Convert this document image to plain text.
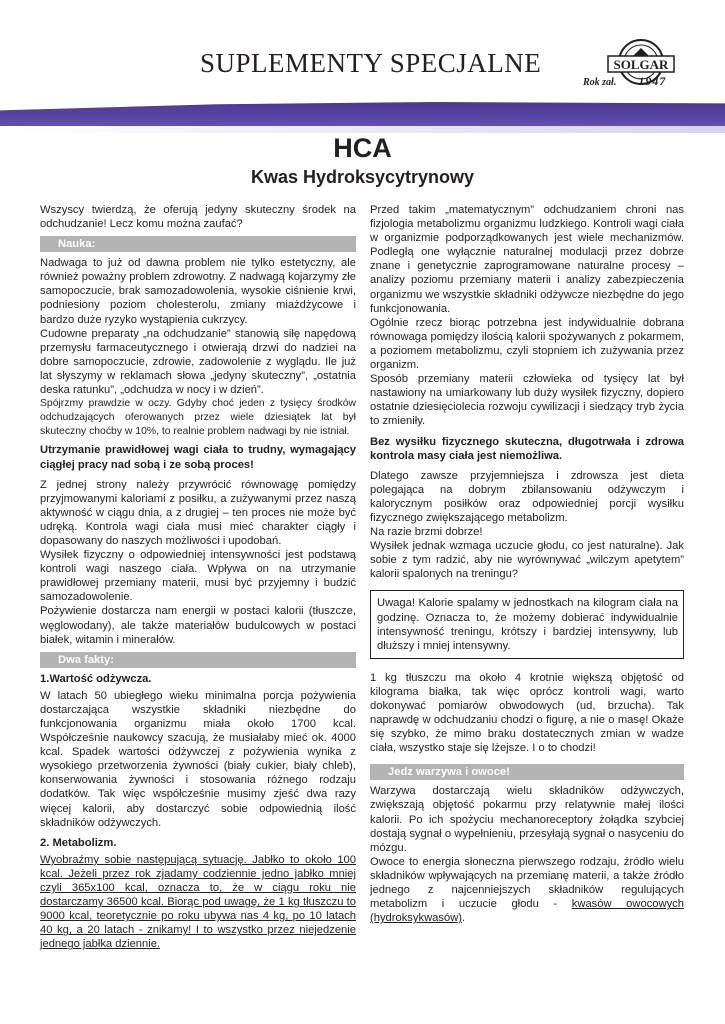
SUPLEMENTY SPECJALNE	SOLGAR
Rok zał. 1947
HCA
Kwas Hydroksycytrynowy

Wszyscy twierdzą, że oferują jedyny skuteczny środek na odchudzanie! Lecz komu można zaufać?

Nauka:

Nadwaga to już od dawna problem nie tylko estetyczny, ale również poważny problem zdrowotny. Z nadwagą kojarzymy złe samopoczucie, brak samozadowolenia, wysokie ciśnienie krwi, podniesiony poziom cholesterolu, zmiany miażdżycowe i bardzo duże ryzyko wystąpienia cukrzycy.

Cudowne preparaty „na odchudzanie” stanowią siłę napędową przemysłu farmaceutycznego i otwierają drzwi do nadziei na dobre samopoczucie, zdrowie, zadowolenie z wyglądu. Ile już lat słyszymy w reklamach słowa „jedyny skuteczny”, „ostatnia deska ratunku”, „odchudza w nocy i w dzień”.

Spójrzmy prawdzie w oczy. Gdyby choć jeden z tysięcy środków odchudzających oferowanych przez wiele dziesiątek lat był skuteczny choćby w 10%, to realnie problem nadwagi by nie istniał.

Utrzymanie prawidłowej wagi ciała to trudny, wymagający ciągłej pracy nad sobą i ze sobą proces!

Z jednej strony należy przywrócić równowagę pomiędzy przyjmowanymi kaloriami z posiłku, a zużywanymi przez naszą aktywność w ciągu dnia, a z drugiej – ten proces nie może być udręką. Kontrola wagi ciała musi mieć charakter ciągły i dopasowany do naszych możliwości i upodobań.

Wysiłek fizyczny o odpowiedniej intensywności jest podstawą kontroli wagi naszego ciała. Wpływa on na utrzymanie prawidłowej przemiany materii, musi być przyjemny i budzić samozadowolenie.

Pożywienie dostarcza nam energii w postaci kalorii (tłuszcze, węglowodany), ale także materiałów budulcowych w postaci białek, witamin i minerałów.

Dwa fakty:
1.Wartość odżywcza.

W latach 50 ubiegłego wieku minimalna porcja pożywienia dostarczająca wszystkie składniki niezbędne do funkcjonowania organizmu miała około 1700 kcal. Współcześnie naukowcy szacują, że musiałaby mieć ok. 4000 kcal. Spadek wartości odżywczej z pożywienia wynika z wysokiego przetworzenia żywności (biały cukier, biały chleb), konserwowania żywności i stosowania różnego rodzaju dodatków. Tak więc współcześnie musimy zjeść dwa razy więcej kalorii, aby dostarczyć sobie odpowiednią ilość składników odżywczych.

2. Metabolizm.

Wyobraźmy sobie następującą sytuację. Jabłko to około 100 kcal. Jeżeli przez rok zjadamy codziennie jedno jabłko mniej czyli 365x100 kcal, oznacza to, że w ciągu roku nie dostarczamy 36500 kcal. Biorąc pod uwagę, że 1 kg tłuszczu to 9000 kcal, teoretycznie po roku ubywa nas 4 kg, po 10 latach 40 kg, a 20 latach - znikamy! I to wszystko przez niejedzenie jednego jabłka dziennie.

Przed takim „matematycznym” odchudzaniem chroni nas fizjologia metabolizmu organizmu ludzkiego. Kontroli wagi ciała w organizmie podporządkowanych jest wiele mechanizmów. Podległą one wyłącznie naturalnej modulacji przez dobrze znane i genetycznie zaprogramowane naturalne procesy – analizy poziomu przemiany materii i analizy zabezpieczenia organizmu we wszystkie składniki odżywcze niezbędne do jego funkcjonowania.

Ogólnie rzecz biorąc potrzebna jest indywidualnie dobrana równowaga pomiędzy ilością kalorii spożywanych z pokarmem, a poziomem metabolizmu, czyli stopniem ich zużywania przez organizm.

Sposób przemiany materii człowieka od tysięcy lat był nastawiony na umiarkowany lub duży wysiłek fizyczny, dopiero ostatnie dziesięciolecia rozwoju cywilizacji i siedzący tryb życia to zmieniły.

Bez wysiłku fizycznego skuteczna, długotrwała i zdrowa kontrola masy ciała jest niemożliwa.

Dlatego zawsze przyjemniejsza i zdrowsza jest dieta polegająca na dobrym zbilansowaniu odżywczym i kalorycznym posiłków oraz odpowiedniej porcji wysiłku fizycznego zwiększającego metabolizm.

Na razie brzmi dobrze!

Wysiłek jednak wzmaga uczucie głodu, co jest naturalne). Jak sobie z tym radzić, aby nie wyrównywać „wilczym apetytem” kalorii spalonych na treningu?

Uwaga! Kalorie spalamy w jednostkach na kilogram ciała na godzinę. Oznacza to, że możemy dobierać indywidualnie intensywność treningu, krótszy i bardziej intensywny, lub dłuższy i mniej intensywny.

1 kg tłuszczu ma około 4 krotnie większą objętość od kilograma białka, tak więc oprócz kontroli wagi, warto dokonywać pomiarów obwodowych (ud, brzucha). Tak naprawdę w odchudzaniu chodzi o figurę, a nie o masę! Okaże się szybko, że mimo braku dostatecznych zmian w wadze ciała, wszystko staje się lżejsze. I o to chodzi!

Jedz warzywa i owoce!

Warzywa dostarczają wielu składników odżywczych, zwiększają objętość pokarmu przy relatywnie małej ilości kalorii. Po ich spożyciu mechanoreceptory żołądka szybciej dostają sygnał o wypełnieniu, przesyłają sygnał o nasyceniu do mózgu.

Owoce to energia słoneczna pierwszego rodzaju, źródło wielu składników wpływających na przemianę materii, a także źródło jednego z najcenniejszych składników regulujących metabolizm i uczucie głodu - kwasów owocowych (hydroksykwasów).
